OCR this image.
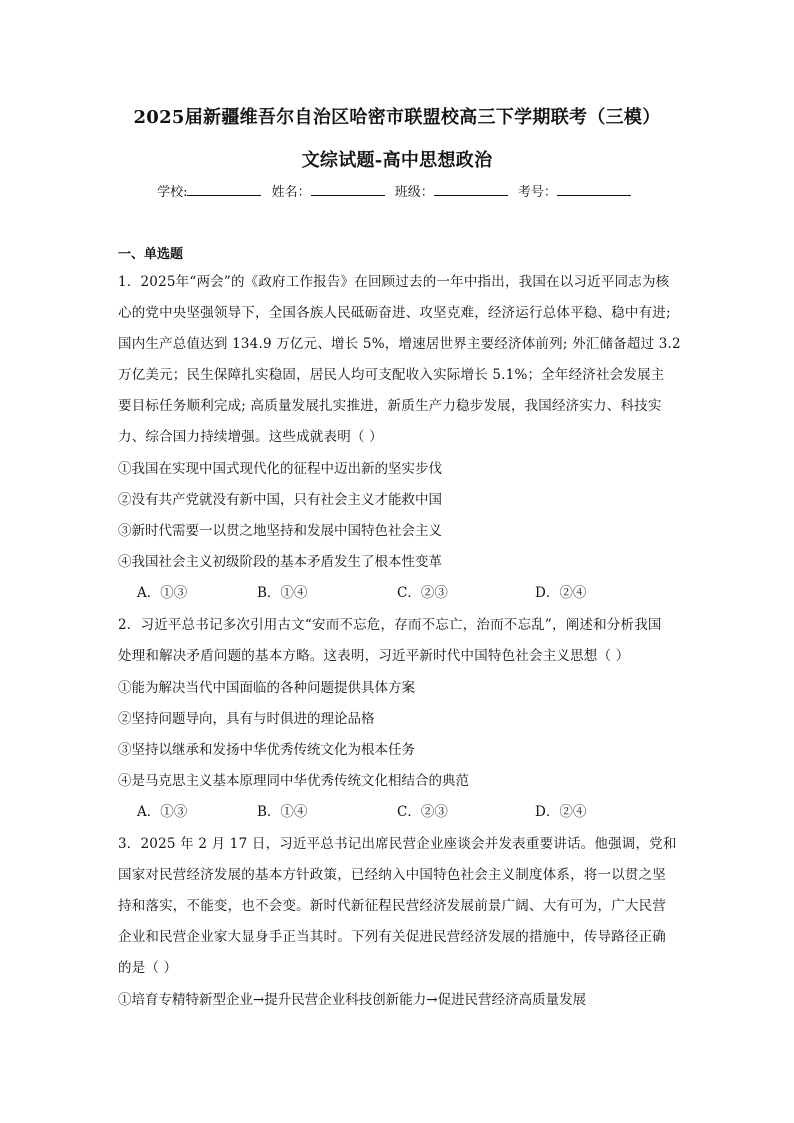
2025届新疆维吾尔自治区哈密市联盟校高三下学期联考（三模）
文综试题-高中思想政治
学校:	姓名：	班级：	考号：
一、单选题
1．2025年“两会”的《政府工作报告》在回顾过去的一年中指出，我国在以习近平同志为核
心的党中央坚强领导下，全国各族人民砥砺奋进、攻坚克难，经济运行总体平稳、稳中有进;
国内生产总值达到 134.9 万亿元、增长 5%，增速居世界主要经济体前列; 外汇储备超过 3.2
万亿美元；民生保障扎实稳固，居民人均可支配收入实际增长 5.1%；全年经济社会发展主
要目标任务顺利完成; 高质量发展扎实推进，新质生产力稳步发展，我国经济实力、科技实
力、综合国力持续增强。这些成就表明（ ）
①我国在实现中国式现代化的征程中迈出新的坚实步伐
②没有共产党就没有新中国，只有社会主义才能救中国
③新时代需要一以贯之地坚持和发展中国特色社会主义
④我国社会主义初级阶段的基本矛盾发生了根本性变革
A．①③	B．①④	C．②③	D．②④
2．习近平总书记多次引用古文“安而不忘危，存而不忘亡，治而不忘乱”，阐述和分析我国
处理和解决矛盾问题的基本方略。这表明，习近平新时代中国特色社会主义思想（ ）
①能为解决当代中国面临的各种问题提供具体方案
②坚持问题导向，具有与时俱进的理论品格
③坚持以继承和发扬中华优秀传统文化为根本任务
④是马克思主义基本原理同中华优秀传统文化相结合的典范
A．①③	B．①④	C．②③	D．②④
3．2025 年 2 月 17 日，习近平总书记出席民营企业座谈会并发表重要讲话。他强调，党和
国家对民营经济发展的基本方针政策，已经纳入中国特色社会主义制度体系，将一以贯之坚
持和落实，不能变，也不会变。新时代新征程民营经济发展前景广阔、大有可为，广大民营
企业和民营企业家大显身手正当其时。下列有关促进民营经济发展的措施中，传导路径正确
的是（ ）
①培育专精特新型企业→提升民营企业科技创新能力→促进民营经济高质量发展
